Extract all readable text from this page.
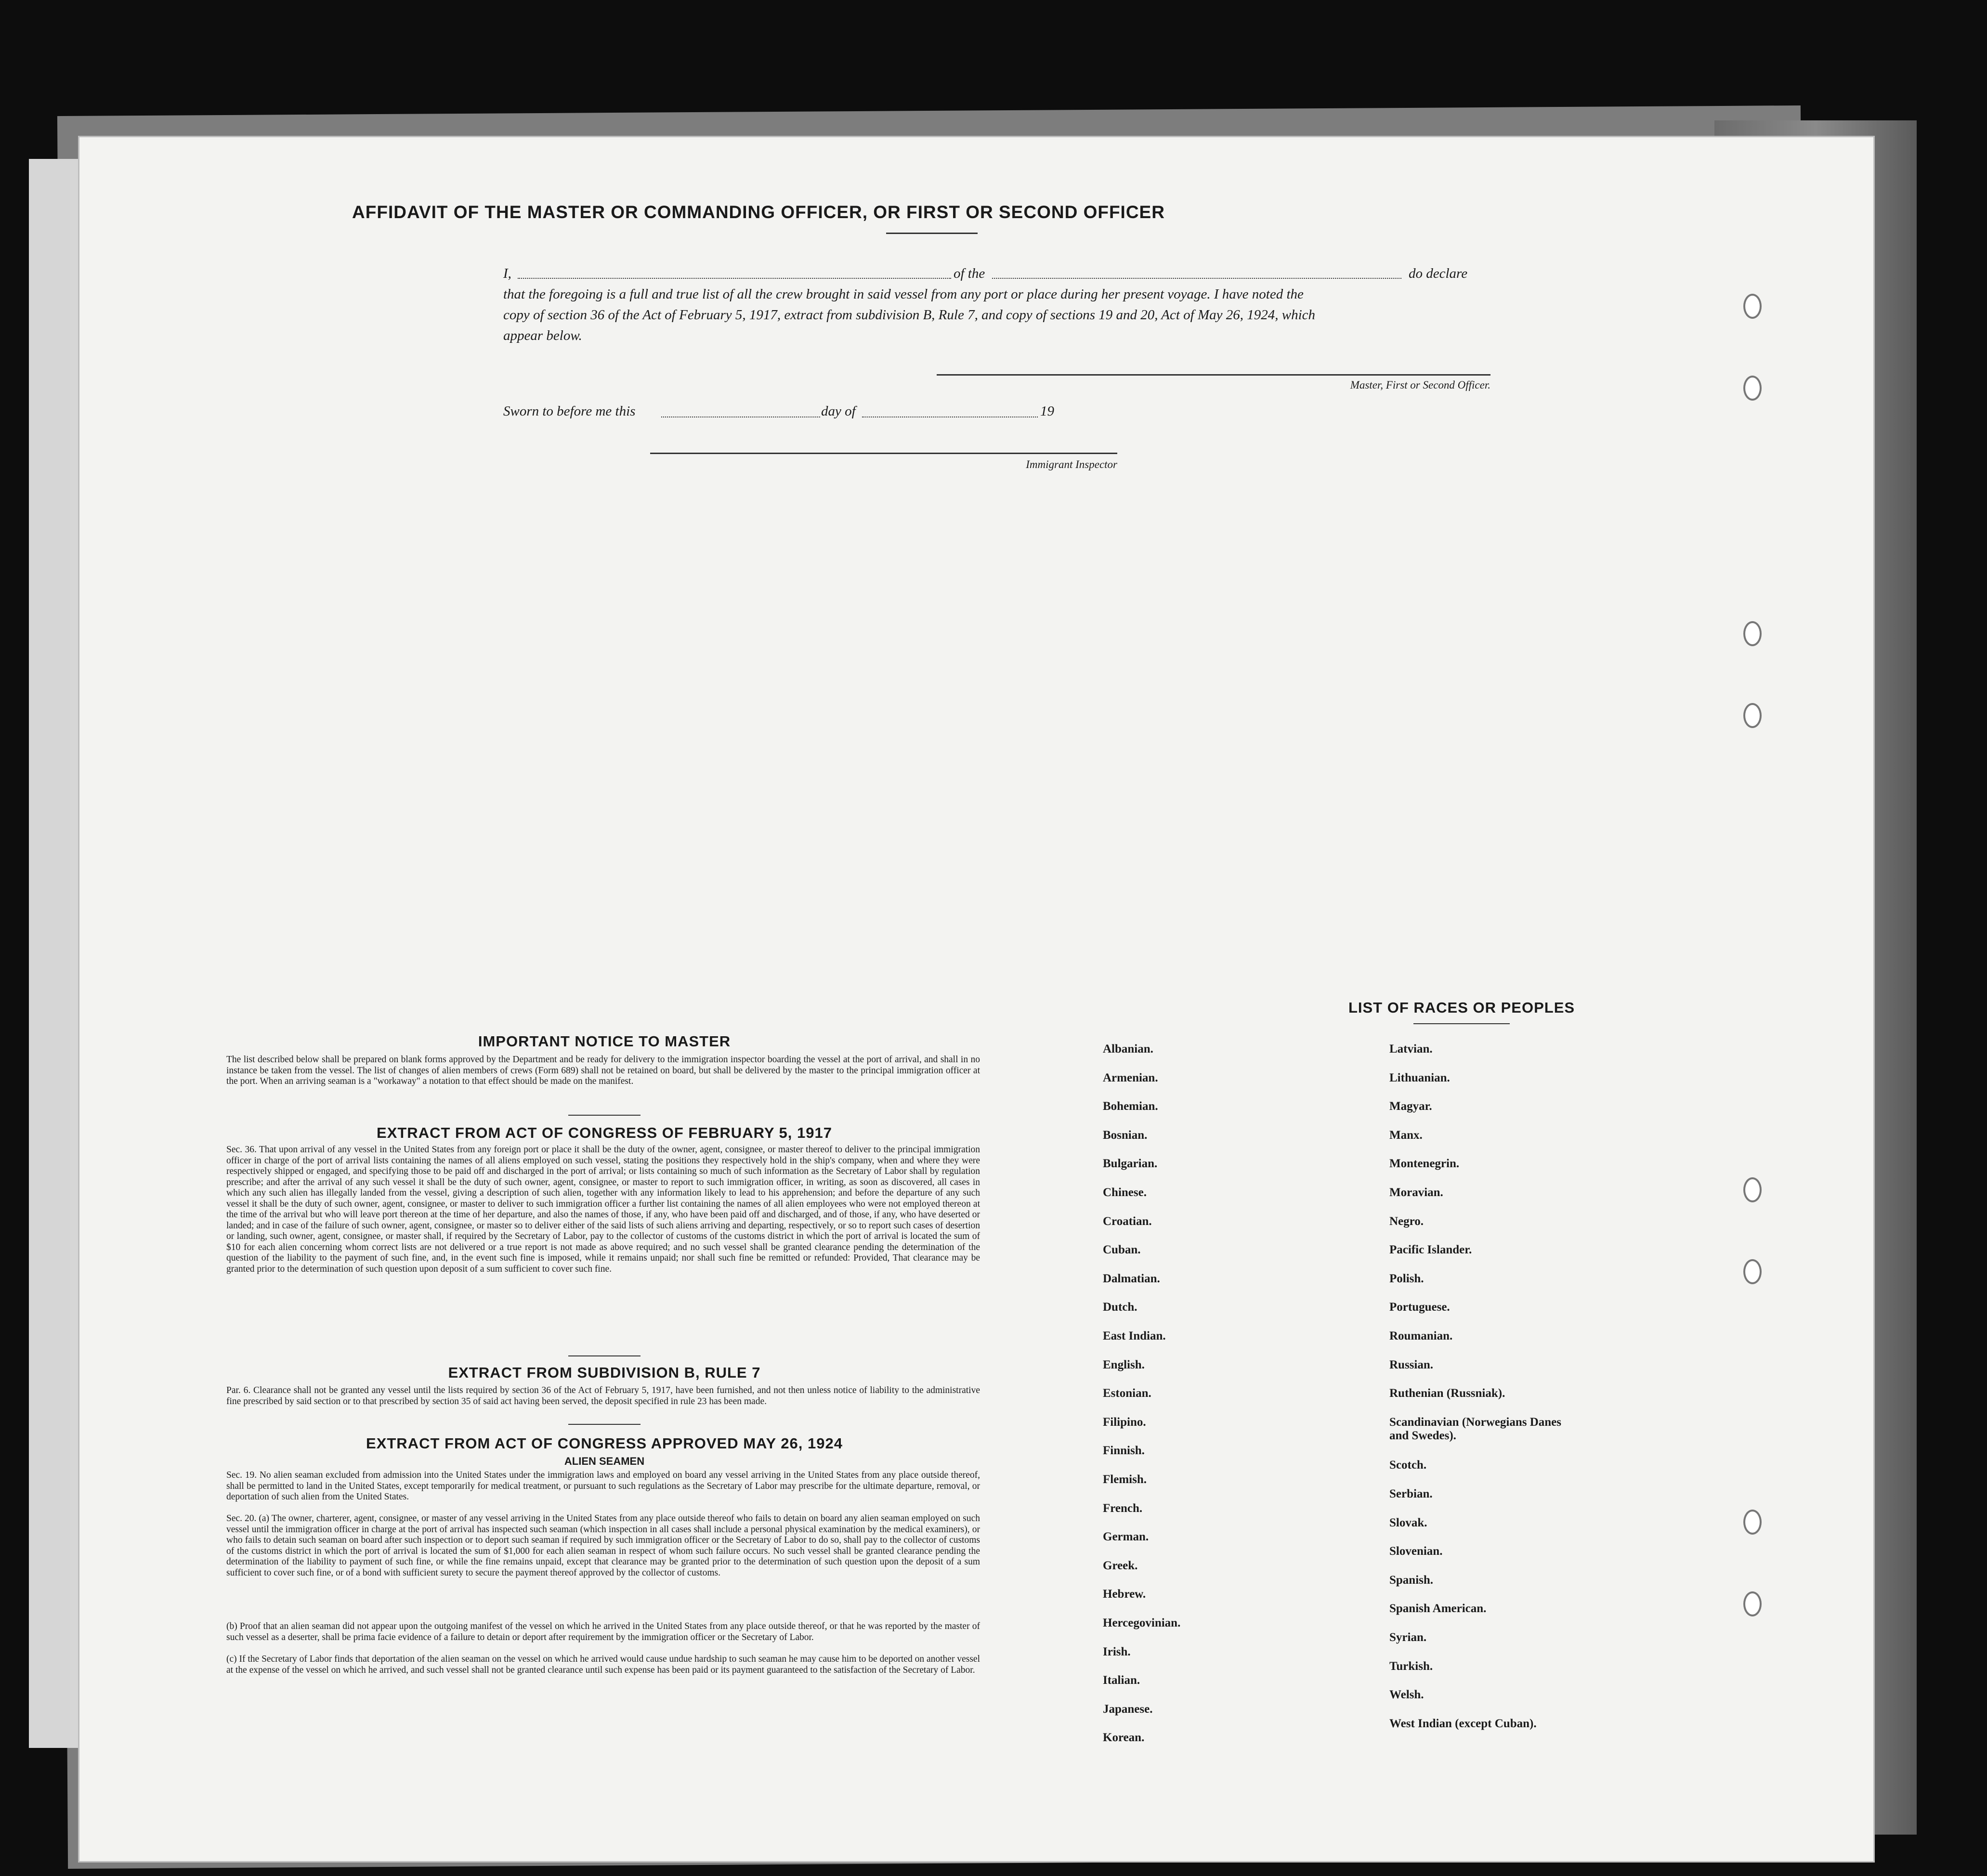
AFFIDAVIT OF THE MASTER OR COMMANDING OFFICER, OR FIRST OR SECOND OFFICER
I,	of the	do declare
that the foregoing is a full and true list of all the crew brought in said vessel from any port or place during her present voyage. I have noted the
copy of section 36 of the Act of February 5, 1917, extract from subdivision B, Rule 7, and copy of sections 19 and 20, Act of May 26, 1924, which
appear below.
Master, First or Second Officer.
Sworn to before me this	day of	19
Immigrant Inspector
IMPORTANT NOTICE TO MASTER
The list described below shall be prepared on blank forms approved by the Department and be ready for delivery to the immigration inspector boarding the vessel at the port of arrival, and shall in no instance be taken from the vessel. The list of changes of alien members of crews (Form 689) shall not be retained on board, but shall be delivered by the master to the principal immigration officer at the port. When an arriving seaman is a "workaway" a notation to that effect should be made on the manifest.
EXTRACT FROM ACT OF CONGRESS OF FEBRUARY 5, 1917
Sec. 36. That upon arrival of any vessel in the United States from any foreign port or place it shall be the duty of the owner, agent, consignee, or master thereof to deliver to the principal immigration officer in charge of the port of arrival lists containing the names of all aliens employed on such vessel, stating the positions they respectively hold in the ship's company, when and where they were respectively shipped or engaged, and specifying those to be paid off and discharged in the port of arrival; or lists containing so much of such information as the Secretary of Labor shall by regulation prescribe; and after the arrival of any such vessel it shall be the duty of such owner, agent, consignee, or master to report to such immigration officer, in writing, as soon as discovered, all cases in which any such alien has illegally landed from the vessel, giving a description of such alien, together with any information likely to lead to his apprehension; and before the departure of any such vessel it shall be the duty of such owner, agent, consignee, or master to deliver to such immigration officer a further list containing the names of all alien employees who were not employed thereon at the time of the arrival but who will leave port thereon at the time of her departure, and also the names of those, if any, who have been paid off and discharged, and of those, if any, who have deserted or landed; and in case of the failure of such owner, agent, consignee, or master so to deliver either of the said lists of such aliens arriving and departing, respectively, or so to report such cases of desertion or landing, such owner, agent, consignee, or master shall, if required by the Secretary of Labor, pay to the collector of customs of the customs district in which the port of arrival is located the sum of $10 for each alien concerning whom correct lists are not delivered or a true report is not made as above required; and no such vessel shall be granted clearance pending the determination of the question of the liability to the payment of such fine, and, in the event such fine is imposed, while it remains unpaid; nor shall such fine be remitted or refunded: Provided, That clearance may be granted prior to the determination of such question upon deposit of a sum sufficient to cover such fine.
EXTRACT FROM SUBDIVISION B, RULE 7
Par. 6. Clearance shall not be granted any vessel until the lists required by section 36 of the Act of February 5, 1917, have been furnished, and not then unless notice of liability to the administrative fine prescribed by said section or to that prescribed by section 35 of said act having been served, the deposit specified in rule 23 has been made.
EXTRACT FROM ACT OF CONGRESS APPROVED MAY 26, 1924
ALIEN SEAMEN
Sec. 19. No alien seaman excluded from admission into the United States under the immigration laws and employed on board any vessel arriving in the United States from any place outside thereof, shall be permitted to land in the United States, except temporarily for medical treatment, or pursuant to such regulations as the Secretary of Labor may prescribe for the ultimate departure, removal, or deportation of such alien from the United States.
Sec. 20. (a) The owner, charterer, agent, consignee, or master of any vessel arriving in the United States from any place outside thereof who fails to detain on board any alien seaman employed on such vessel until the immigration officer in charge at the port of arrival has inspected such seaman (which inspection in all cases shall include a personal physical examination by the medical examiners), or who fails to detain such seaman on board after such inspection or to deport such seaman if required by such immigration officer or the Secretary of Labor to do so, shall pay to the collector of customs of the customs district in which the port of arrival is located the sum of $1,000 for each alien seaman in respect of whom such failure occurs. No such vessel shall be granted clearance pending the determination of the liability to payment of such fine, or while the fine remains unpaid, except that clearance may be granted prior to the determination of such question upon the deposit of a sum sufficient to cover such fine, or of a bond with sufficient surety to secure the payment thereof approved by the collector of customs.
(b) Proof that an alien seaman did not appear upon the outgoing manifest of the vessel on which he arrived in the United States from any place outside thereof, or that he was reported by the master of such vessel as a deserter, shall be prima facie evidence of a failure to detain or deport after requirement by the immigration officer or the Secretary of Labor.
(c) If the Secretary of Labor finds that deportation of the alien seaman on the vessel on which he arrived would cause undue hardship to such seaman he may cause him to be deported on another vessel at the expense of the vessel on which he arrived, and such vessel shall not be granted clearance until such expense has been paid or its payment guaranteed to the satisfaction of the Secretary of Labor.
LIST OF RACES OR PEOPLES
Albanian.
Armenian.
Bohemian.
Bosnian.
Bulgarian.
Chinese.
Croatian.
Cuban.
Dalmatian.
Dutch.
East Indian.
English.
Estonian.
Filipino.
Finnish.
Flemish.
French.
German.
Greek.
Hebrew.
Hercegovinian.
Irish.
Italian.
Japanese.
Korean.
Latvian.
Lithuanian.
Magyar.
Manx.
Montenegrin.
Moravian.
Negro.
Pacific Islander.
Polish.
Portuguese.
Roumanian.
Russian.
Ruthenian (Russniak).
Scandinavian (Norwegians Danes and Swedes).
Scotch.
Serbian.
Slovak.
Slovenian.
Spanish.
Spanish American.
Syrian.
Turkish.
Welsh.
West Indian (except Cuban).
